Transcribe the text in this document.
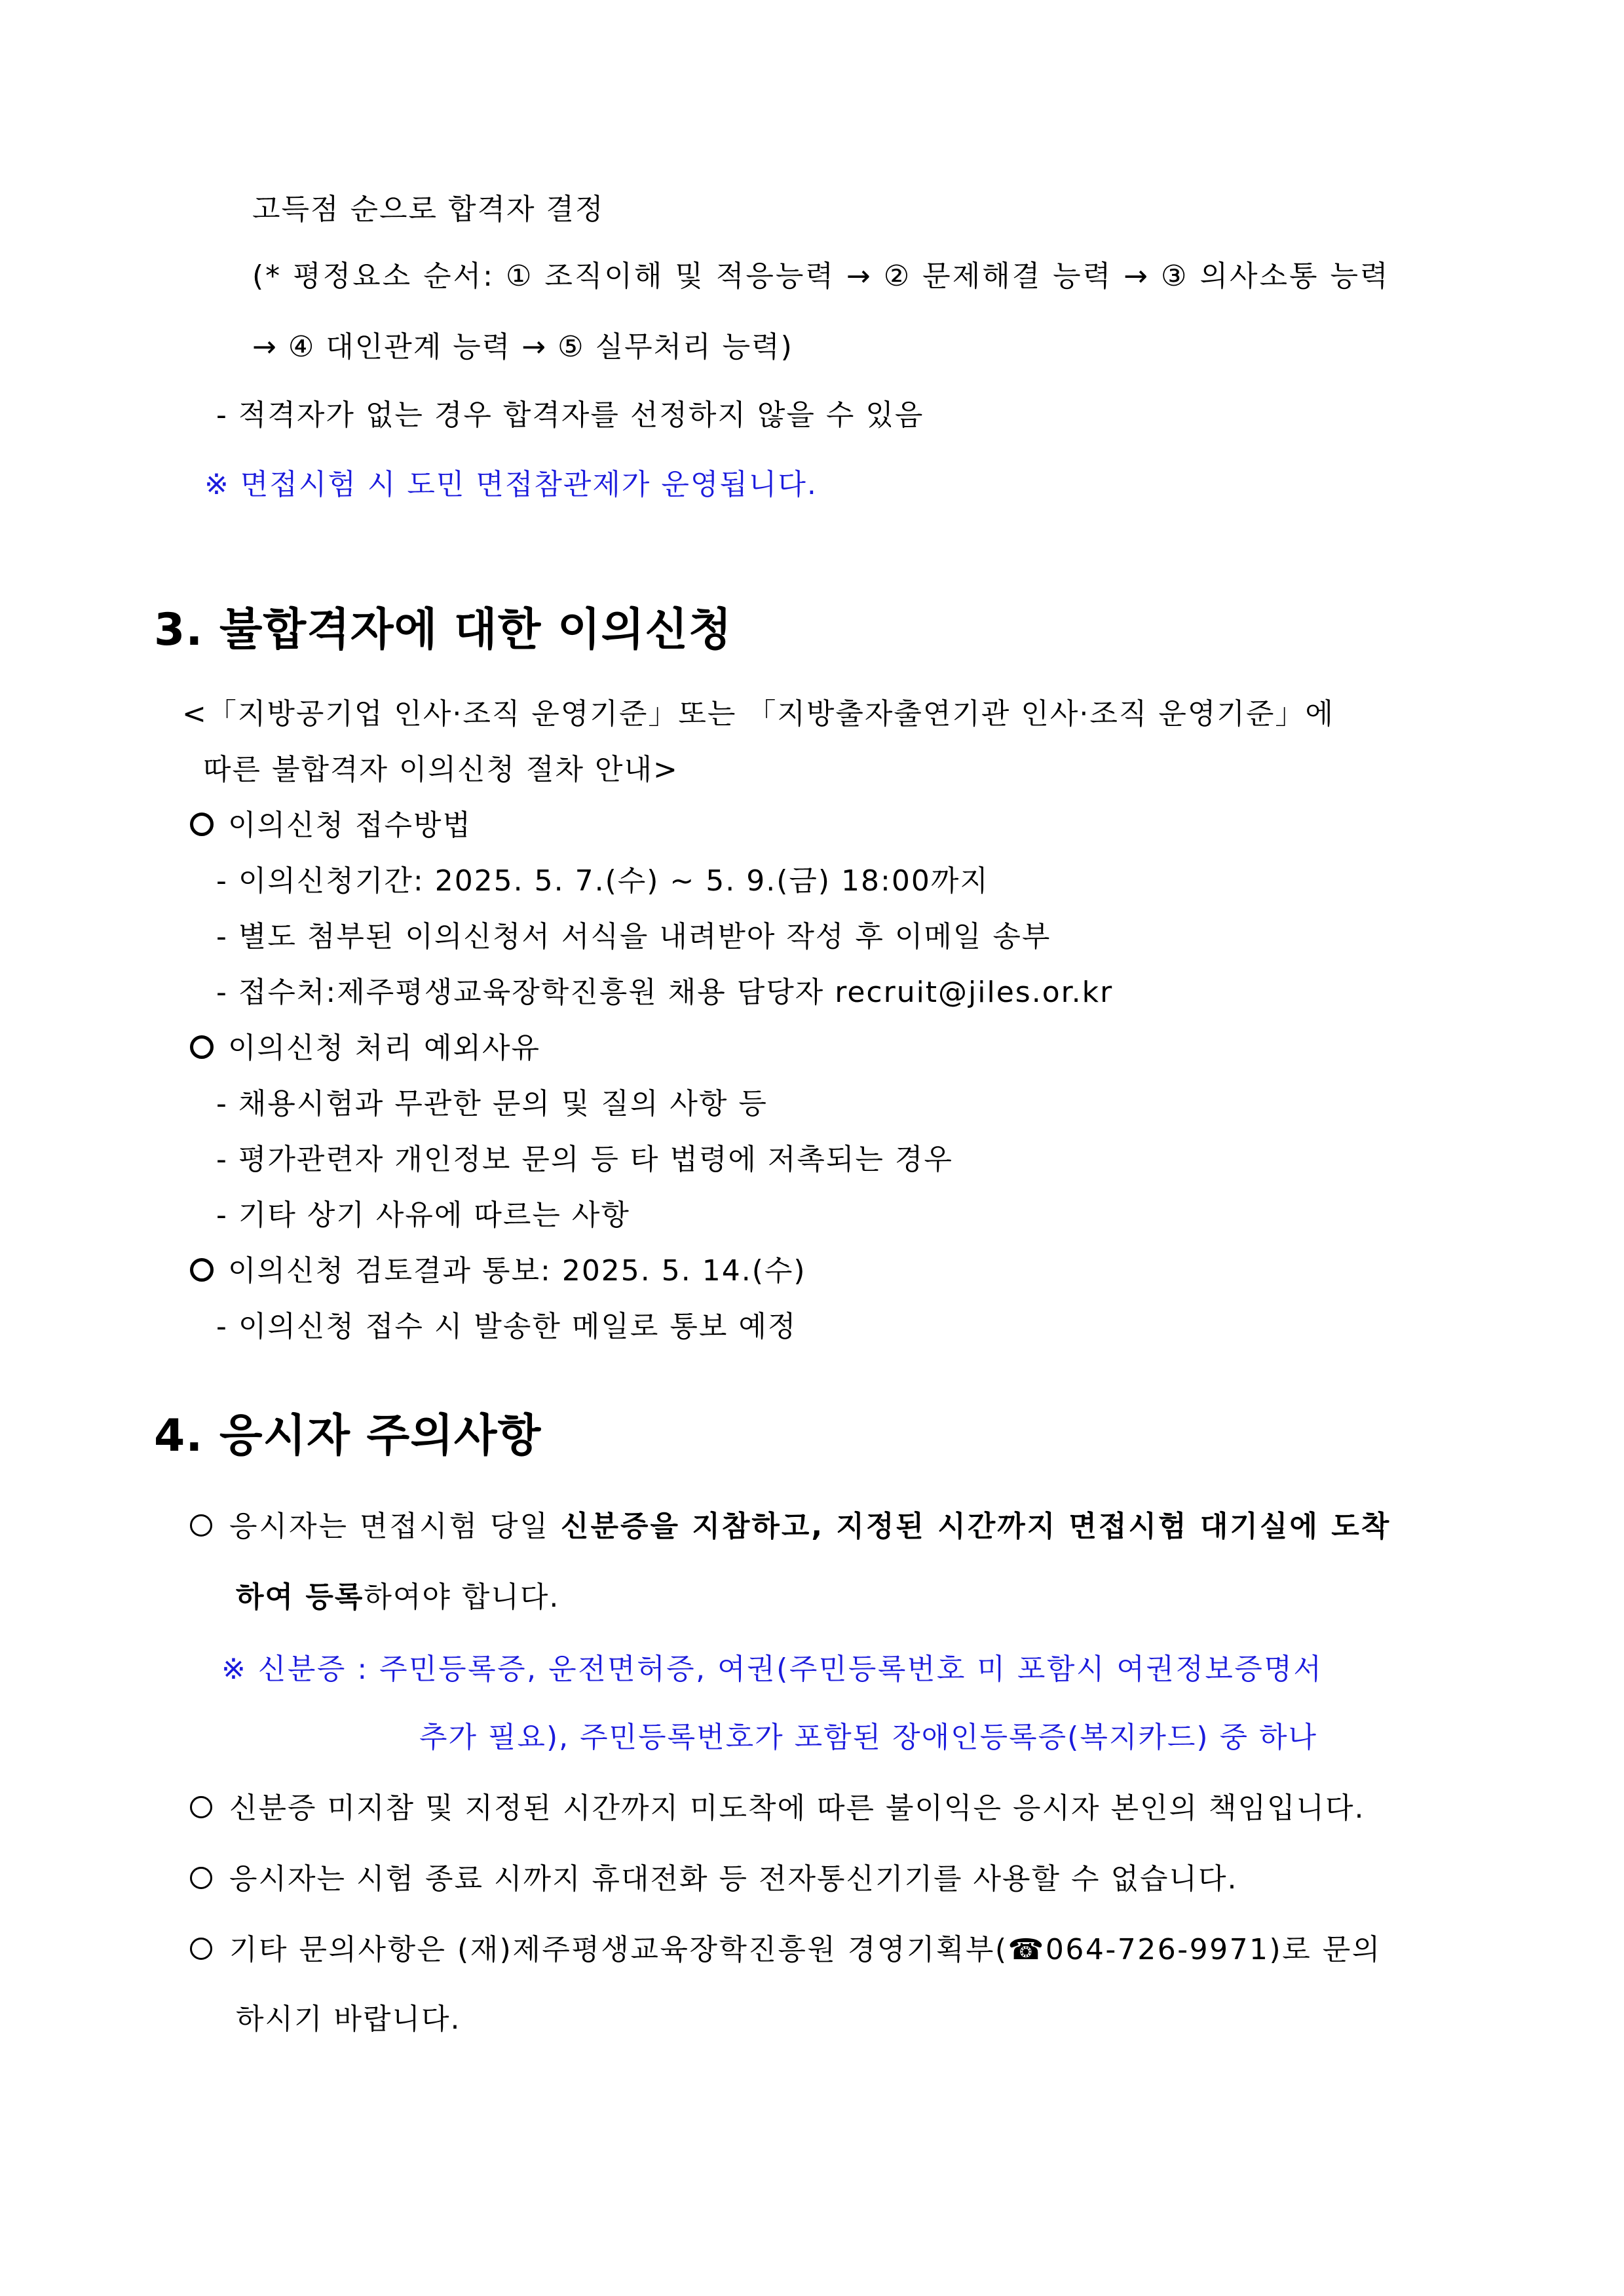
고득점 순으로 합격자 결정
(* 평정요소 순서: ① 조직이해 및 적응능력 → ② 문제해결 능력 → ③ 의사소통 능력
→ ④ 대인관계 능력 → ⑤ 실무처리 능력)
- 적격자가 없는 경우 합격자를 선정하지 않을 수 있음
※ 면접시험 시 도민 면접참관제가 운영됩니다.
3. 불합격자에 대한 이의신청
<「지방공기업 인사·조직 운영기준」또는 「지방출자출연기관 인사·조직 운영기준」에
따른 불합격자 이의신청 절차 안내>
이의신청 접수방법
- 이의신청기간: 2025. 5. 7.(수) ~ 5. 9.(금) 18:00까지
- 별도 첨부된 이의신청서 서식을 내려받아 작성 후 이메일 송부
- 접수처:제주평생교육장학진흥원 채용 담당자 recruit@jiles.or.kr
이의신청 처리 예외사유
- 채용시험과 무관한 문의 및 질의 사항 등
- 평가관련자 개인정보 문의 등 타 법령에 저촉되는 경우
- 기타 상기 사유에 따르는 사항
이의신청 검토결과 통보: 2025. 5. 14.(수)
- 이의신청 접수 시 발송한 메일로 통보 예정
4. 응시자 주의사항
응시자는 면접시험 당일 신분증을 지참하고, 지정된 시간까지 면접시험 대기실에 도착
하여 등록하여야 합니다.
※ 신분증 : 주민등록증, 운전면허증, 여권(주민등록번호 미 포함시 여권정보증명서
추가 필요), 주민등록번호가 포함된 장애인등록증(복지카드) 중 하나
신분증 미지참 및 지정된 시간까지 미도착에 따른 불이익은 응시자 본인의 책임입니다.
응시자는 시험 종료 시까지 휴대전화 등 전자통신기기를 사용할 수 없습니다.
기타 문의사항은 (재)제주평생교육장학진흥원 경영기획부(☎064-726-9971)로 문의
하시기 바랍니다.
